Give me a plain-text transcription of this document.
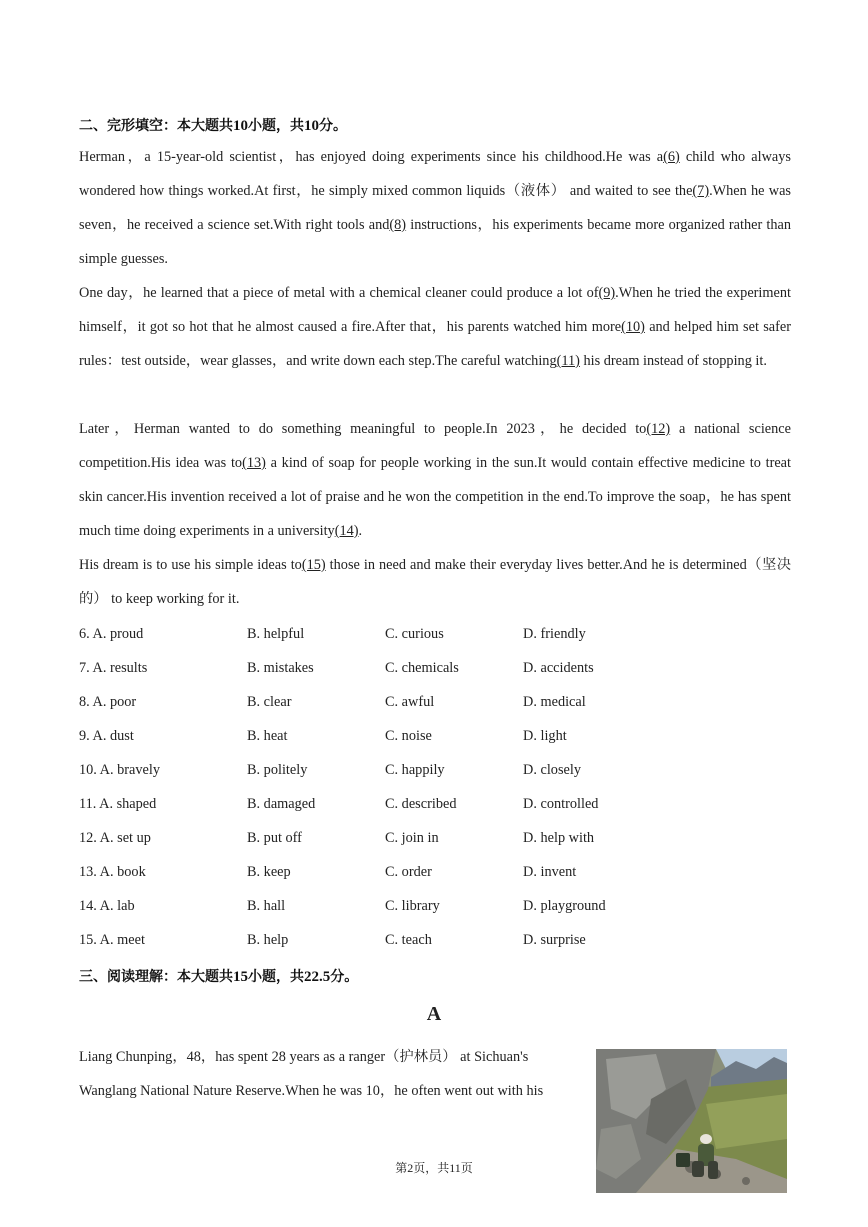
二、完形填空：本大题共10小题，共10分。
Herman，a 15-year-old scientist，has enjoyed doing experiments since his childhood.He was a(6) child who always wondered how things worked.At first，he simply mixed common liquids（液体） and waited to see the(7).When he was seven，he received a science set.With right tools and(8) instructions，his experiments became more organized rather than simple guesses.
One day，he learned that a piece of metal with a chemical cleaner could produce a lot of(9).When he tried the experiment himself，it got so hot that he almost caused a fire.After that，his parents watched him more(10) and helped him set safer rules：test outside，wear glasses，and write down each step.The careful watching(11) his dream instead of stopping it.
Later，Herman wanted to do something meaningful to people.In 2023，he decided to(12) a national science competition.His idea was to(13) a kind of soap for people working in the sun.It would contain effective medicine to treat skin cancer.His invention received a lot of praise and he won the competition in the end.To improve the soap，he has spent much time doing experiments in a university(14).
His dream is to use his simple ideas to(15) those in need and make their everyday lives better.And he is determined（坚决的） to keep working for it.
6. A. proud	B. helpful	C. curious	D. friendly
7. A. results	B. mistakes	C. chemicals	D. accidents
8. A. poor	B. clear	C. awful	D. medical
9. A. dust	B. heat	C. noise	D. light
10. A. bravely	B. politely	C. happily	D. closely
11. A. shaped	B. damaged	C. described	D. controlled
12. A. set up	B. put off	C. join in	D. help with
13. A. book	B. keep	C. order	D. invent
14. A. lab	B. hall	C. library	D. playground
15. A. meet	B. help	C. teach	D. surprise
三、阅读理解：本大题共15小题，共22.5分。
A
Liang Chunping，48，has spent 28 years as a ranger（护林员） at Sichuan's Wanglang National Nature Reserve.When he was 10，he often went out with his
第2页，共11页
